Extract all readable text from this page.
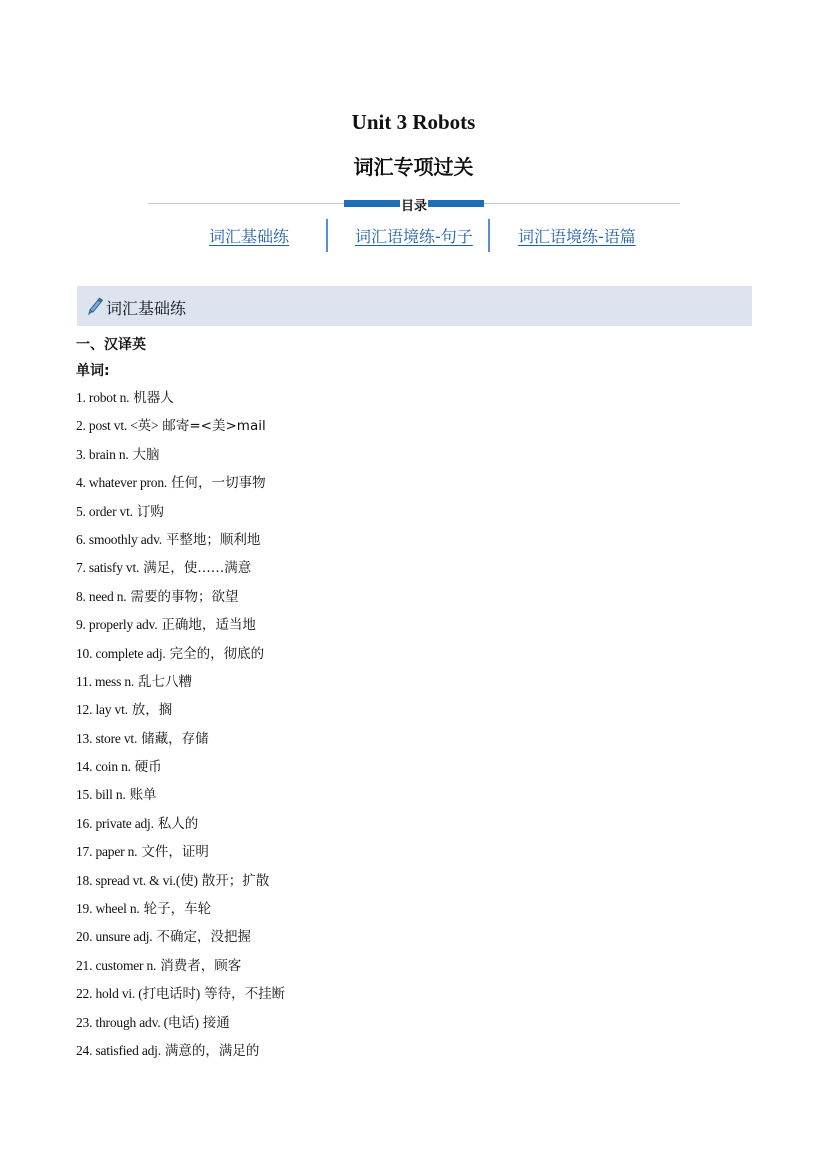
Unit 3 Robots
词汇专项过关
目录
词汇基础练	词汇语境练-句子	词汇语境练-语篇
词汇基础练
一、汉译英
单词:
1. robot n. 机器人
2. post vt. <英> 邮寄=<美>mail
3. brain n. 大脑
4. whatever pron. 任何，一切事物
5. order vt. 订购
6. smoothly adv. 平整地；顺利地
7. satisfy vt. 满足，使……满意
8. need n. 需要的事物；欲望
9. properly adv. 正确地，适当地
10. complete adj. 完全的，彻底的
11. mess n. 乱七八糟
12. lay vt. 放，搁
13. store vt. 储藏，存储
14. coin n. 硬币
15. bill n. 账单
16. private adj. 私人的
17. paper n. 文件，证明
18. spread vt. & vi.(使) 散开；扩散
19. wheel n. 轮子，车轮
20. unsure adj. 不确定，没把握
21. customer n. 消费者，顾客
22. hold vi. (打电话时) 等待，不挂断
23. through adv. (电话) 接通
24. satisfied adj. 满意的，满足的
